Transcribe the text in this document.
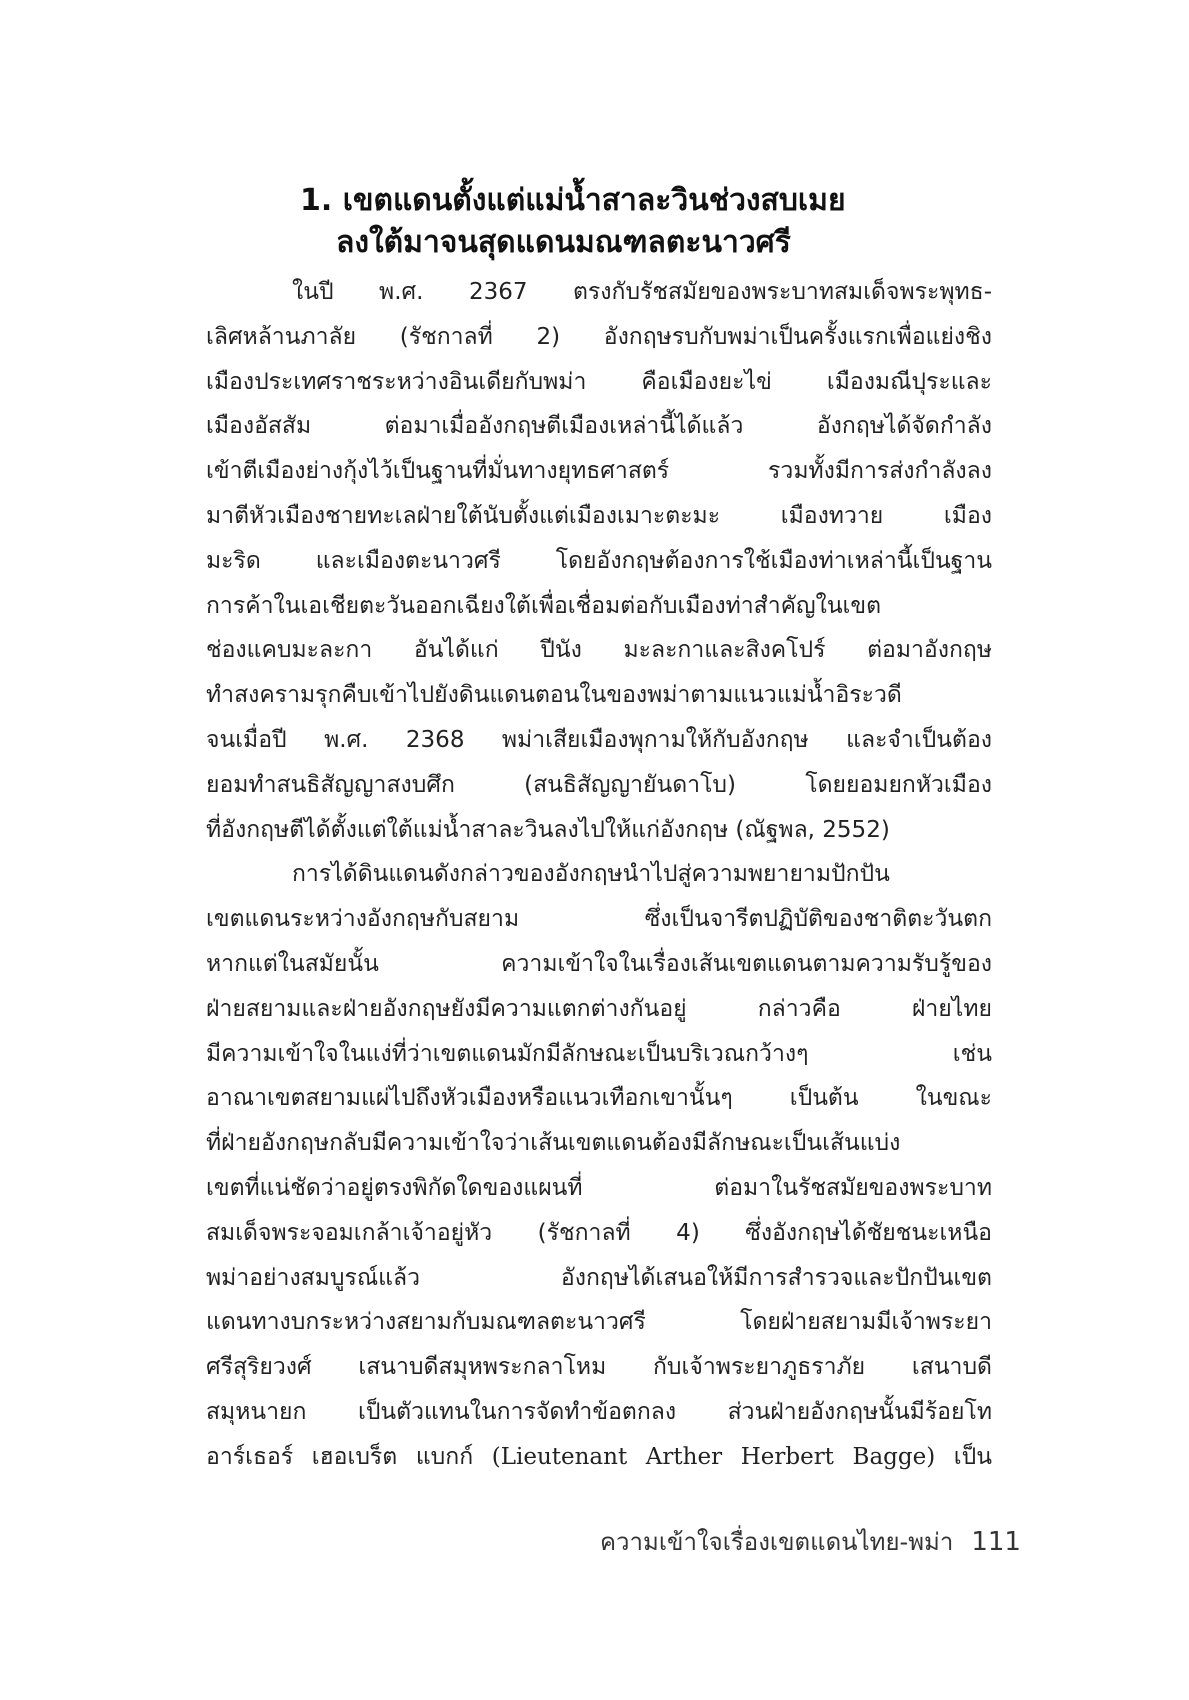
1. เขตแดนตั้งแต่แม่น้ำสาละวินช่วงสบเมย
ลงใต้มาจนสุดแดนมณฑลตะนาวศรี
ในปี พ.ศ. 2367 ตรงกับรัชสมัยของพระบาทสมเด็จพระพุทธ-
เลิศหล้านภาลัย (รัชกาลที่ 2) อังกฤษรบกับพม่าเป็นครั้งแรกเพื่อแย่งชิง
เมืองประเทศราชระหว่างอินเดียกับพม่า คือเมืองยะไข่ เมืองมณีปุระและ
เมืองอัสสัม ต่อมาเมื่ออังกฤษตีเมืองเหล่านี้ได้แล้ว อังกฤษได้จัดกำลัง
เข้าตีเมืองย่างกุ้งไว้เป็นฐานที่มั่นทางยุทธศาสตร์ รวมทั้งมีการส่งกำลังลง
มาตีหัวเมืองชายทะเลฝ่ายใต้นับตั้งแต่เมืองเมาะตะมะ เมืองทวาย เมือง
มะริด และเมืองตะนาวศรี โดยอังกฤษต้องการใช้เมืองท่าเหล่านี้เป็นฐาน
การค้าในเอเชียตะวันออกเฉียงใต้เพื่อเชื่อมต่อกับเมืองท่าสำคัญในเขต
ช่องแคบมะละกา อันได้แก่ ปีนัง มะละกาและสิงคโปร์ ต่อมาอังกฤษ
ทำสงครามรุกคืบเข้าไปยังดินแดนตอนในของพม่าตามแนวแม่น้ำอิระวดี
จนเมื่อปี พ.ศ. 2368 พม่าเสียเมืองพุกามให้กับอังกฤษ และจำเป็นต้อง
ยอมทำสนธิสัญญาสงบศึก (สนธิสัญญายันดาโบ) โดยยอมยกหัวเมือง
ที่อังกฤษตีได้ตั้งแต่ใต้แม่น้ำสาละวินลงไปให้แก่อังกฤษ (ณัฐพล, 2552)
การได้ดินแดนดังกล่าวของอังกฤษนำไปสู่ความพยายามปักปัน
เขตแดนระหว่างอังกฤษกับสยาม ซึ่งเป็นจารีตปฏิบัติของชาติตะวันตก
หากแต่ในสมัยนั้น ความเข้าใจในเรื่องเส้นเขตแดนตามความรับรู้ของ
ฝ่ายสยามและฝ่ายอังกฤษยังมีความแตกต่างกันอยู่ กล่าวคือ ฝ่ายไทย
มีความเข้าใจในแง่ที่ว่าเขตแดนมักมีลักษณะเป็นบริเวณกว้างๆ เช่น
อาณาเขตสยามแผ่ไปถึงหัวเมืองหรือแนวเทือกเขานั้นๆ เป็นต้น ในขณะ
ที่ฝ่ายอังกฤษกลับมีความเข้าใจว่าเส้นเขตแดนต้องมีลักษณะเป็นเส้นแบ่ง
เขตที่แน่ชัดว่าอยู่ตรงพิกัดใดของแผนที่ ต่อมาในรัชสมัยของพระบาท
สมเด็จพระจอมเกล้าเจ้าอยู่หัว (รัชกาลที่ 4) ซึ่งอังกฤษได้ชัยชนะเหนือ
พม่าอย่างสมบูรณ์แล้ว อังกฤษได้เสนอให้มีการสำรวจและปักปันเขต
แดนทางบกระหว่างสยามกับมณฑลตะนาวศรี โดยฝ่ายสยามมีเจ้าพระยา
ศรีสุริยวงศ์ เสนาบดีสมุหพระกลาโหม กับเจ้าพระยาภูธราภัย เสนาบดี
สมุหนายก เป็นตัวแทนในการจัดทำข้อตกลง ส่วนฝ่ายอังกฤษนั้นมีร้อยโท
อาร์เธอร์ เฮอเบร็ต แบกก์ (Lieutenant Arther Herbert Bagge) เป็น
ความเข้าใจเรื่องเขตแดนไทย-พม่า 111
